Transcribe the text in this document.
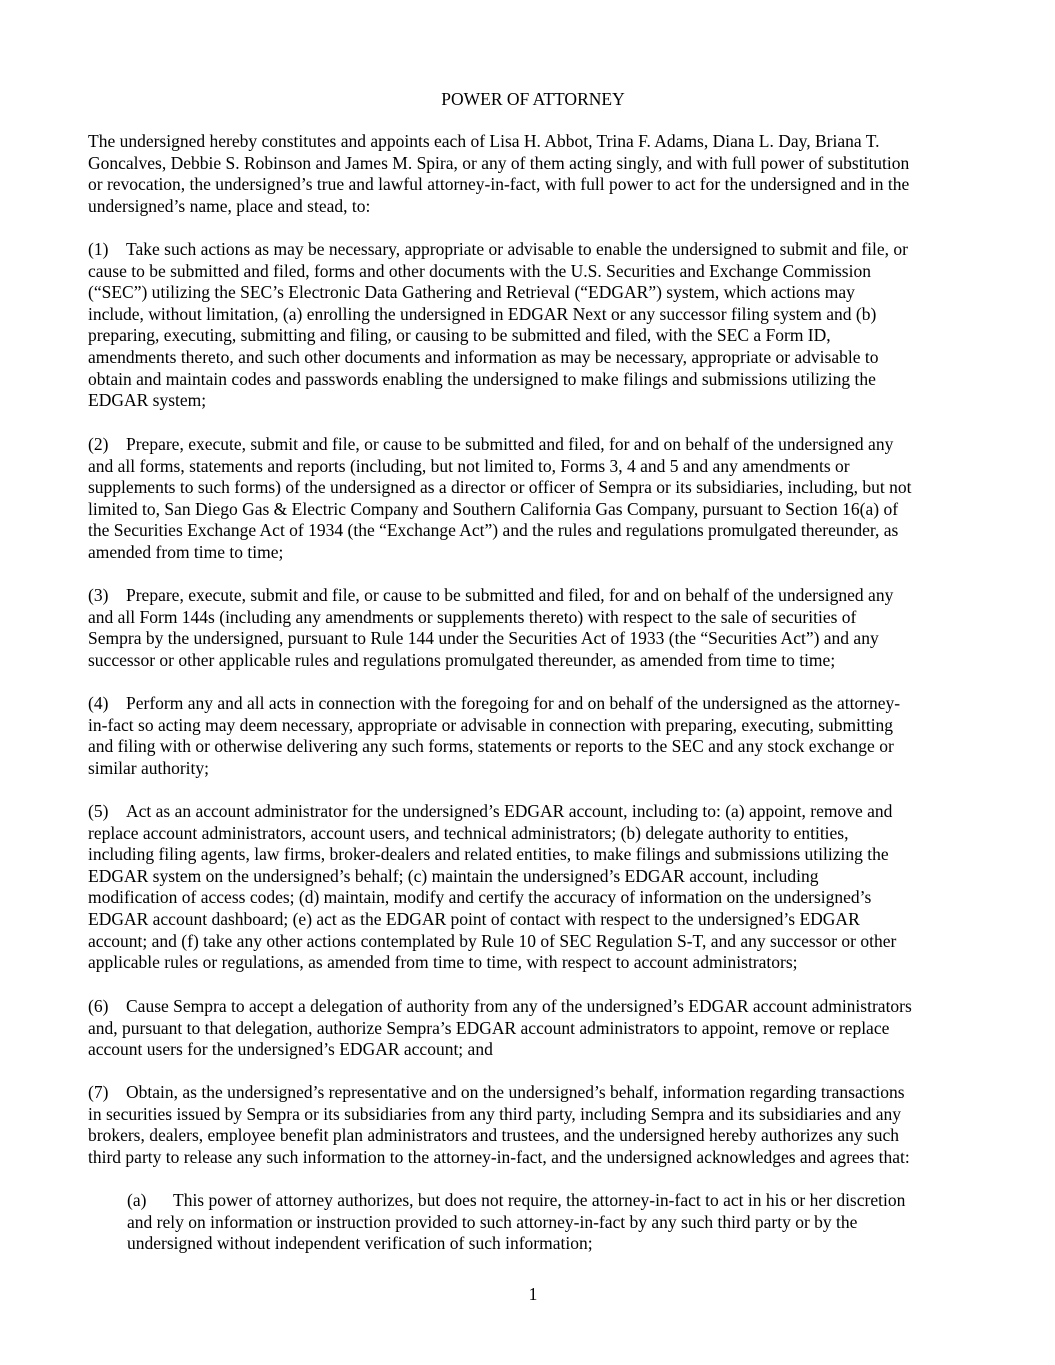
POWER OF ATTORNEY
The undersigned hereby constitutes and appoints each of Lisa H. Abbot, Trina F. Adams, Diana L. Day, Briana T.
Goncalves, Debbie S. Robinson and James M. Spira, or any of them acting singly, and with full power of substitution
or revocation, the undersigned’s true and lawful attorney-in-fact, with full power to act for the undersigned and in the
undersigned’s name, place and stead, to:
(1) Take such actions as may be necessary, appropriate or advisable to enable the undersigned to submit and file, or
cause to be submitted and filed, forms and other documents with the U.S. Securities and Exchange Commission
(“SEC”) utilizing the SEC’s Electronic Data Gathering and Retrieval (“EDGAR”) system, which actions may
include, without limitation, (a) enrolling the undersigned in EDGAR Next or any successor filing system and (b)
preparing, executing, submitting and filing, or causing to be submitted and filed, with the SEC a Form ID,
amendments thereto, and such other documents and information as may be necessary, appropriate or advisable to
obtain and maintain codes and passwords enabling the undersigned to make filings and submissions utilizing the
EDGAR system;
(2) Prepare, execute, submit and file, or cause to be submitted and filed, for and on behalf of the undersigned any
and all forms, statements and reports (including, but not limited to, Forms 3, 4 and 5 and any amendments or
supplements to such forms) of the undersigned as a director or officer of Sempra or its subsidiaries, including, but not
limited to, San Diego Gas & Electric Company and Southern California Gas Company, pursuant to Section 16(a) of
the Securities Exchange Act of 1934 (the “Exchange Act”) and the rules and regulations promulgated thereunder, as
amended from time to time;
(3) Prepare, execute, submit and file, or cause to be submitted and filed, for and on behalf of the undersigned any
and all Form 144s (including any amendments or supplements thereto) with respect to the sale of securities of
Sempra by the undersigned, pursuant to Rule 144 under the Securities Act of 1933 (the “Securities Act”) and any
successor or other applicable rules and regulations promulgated thereunder, as amended from time to time;
(4) Perform any and all acts in connection with the foregoing for and on behalf of the undersigned as the attorney-
in-fact so acting may deem necessary, appropriate or advisable in connection with preparing, executing, submitting
and filing with or otherwise delivering any such forms, statements or reports to the SEC and any stock exchange or
similar authority;
(5) Act as an account administrator for the undersigned’s EDGAR account, including to: (a) appoint, remove and
replace account administrators, account users, and technical administrators; (b) delegate authority to entities,
including filing agents, law firms, broker-dealers and related entities, to make filings and submissions utilizing the
EDGAR system on the undersigned’s behalf; (c) maintain the undersigned’s EDGAR account, including
modification of access codes; (d) maintain, modify and certify the accuracy of information on the undersigned’s
EDGAR account dashboard; (e) act as the EDGAR point of contact with respect to the undersigned’s EDGAR
account; and (f) take any other actions contemplated by Rule 10 of SEC Regulation S-T, and any successor or other
applicable rules or regulations, as amended from time to time, with respect to account administrators;
(6) Cause Sempra to accept a delegation of authority from any of the undersigned’s EDGAR account administrators
and, pursuant to that delegation, authorize Sempra’s EDGAR account administrators to appoint, remove or replace
account users for the undersigned’s EDGAR account; and
(7) Obtain, as the undersigned’s representative and on the undersigned’s behalf, information regarding transactions
in securities issued by Sempra or its subsidiaries from any third party, including Sempra and its subsidiaries and any
brokers, dealers, employee benefit plan administrators and trustees, and the undersigned hereby authorizes any such
third party to release any such information to the attorney-in-fact, and the undersigned acknowledges and agrees that:
(a) This power of attorney authorizes, but does not require, the attorney-in-fact to act in his or her discretion
and rely on information or instruction provided to such attorney-in-fact by any such third party or by the
undersigned without independent verification of such information;
1
